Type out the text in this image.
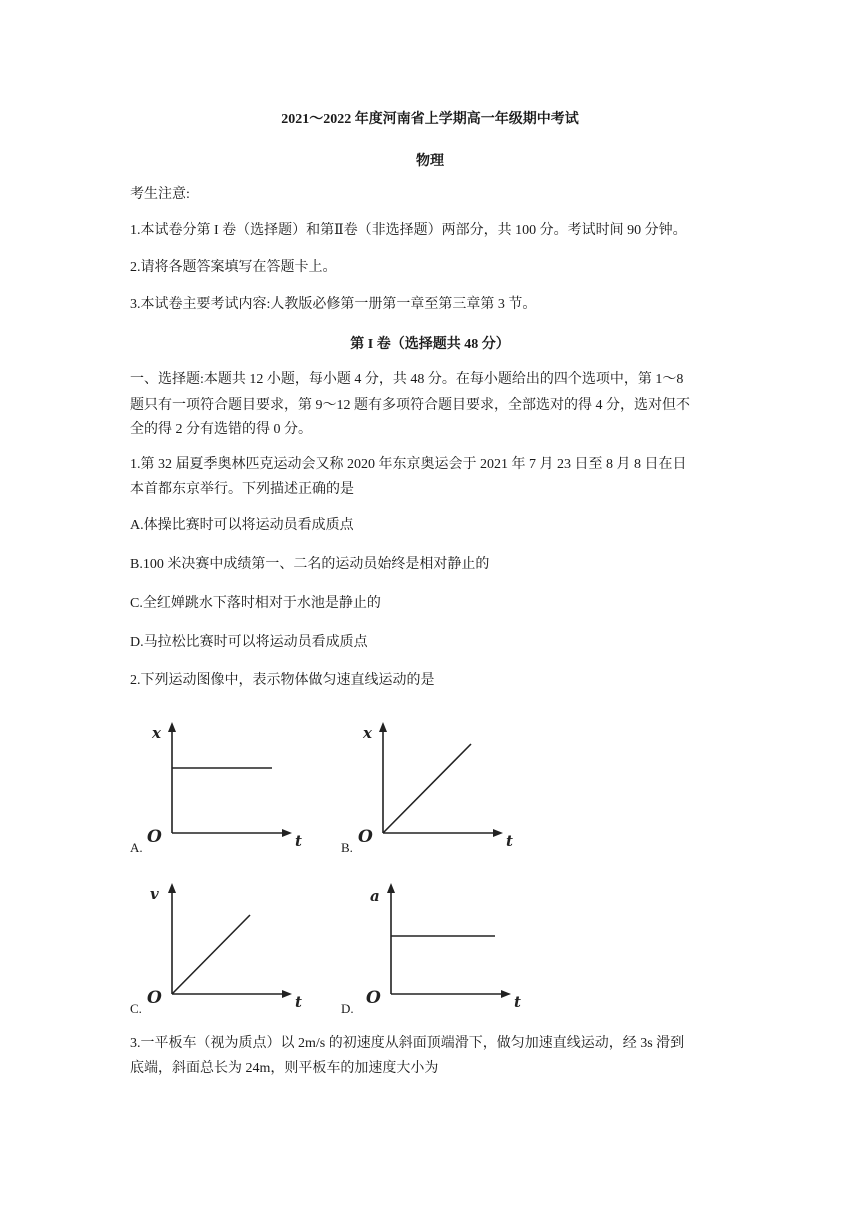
2021～2022 年度河南省上学期高一年级期中考试
物理
考生注意:
1.本试卷分第 I 卷（选择题）和第Ⅱ卷（非选择题）两部分，共 100 分。考试时间 90 分钟。
2.请将各题答案填写在答题卡上。
3.本试卷主要考试内容:人教版必修第一册第一章至第三章第 3 节。
第 I 卷（选择题共 48 分）
一、选择题:本题共 12 小题，每小题 4 分，共 48 分。在每小题给出的四个选项中，第 1～8
题只有一项符合题目要求，第 9～12 题有多项符合题目要求，全部选对的得 4 分，选对但不
全的得 2 分有选错的得 0 分。
1.第 32 届夏季奥林匹克运动会又称 2020 年东京奥运会于 2021 年 7 月 23 日至 8 月 8 日在日
本首都东京举行。下列描述正确的是
A.体操比赛时可以将运动员看成质点
B.100 米决赛中成绩第一、二名的运动员始终是相对静止的
C.全红婵跳水下落时相对于水池是静止的
D.马拉松比赛时可以将运动员看成质点
2.下列运动图像中，表示物体做匀速直线运动的是
A.
x
O	t	B.
x
O	t
C.
v
O	t	D.
a
O	t
3.一平板车（视为质点）以 2m/s 的初速度从斜面顶端滑下，做匀加速直线运动，经 3s 滑到
底端，斜面总长为 24m，则平板车的加速度大小为
